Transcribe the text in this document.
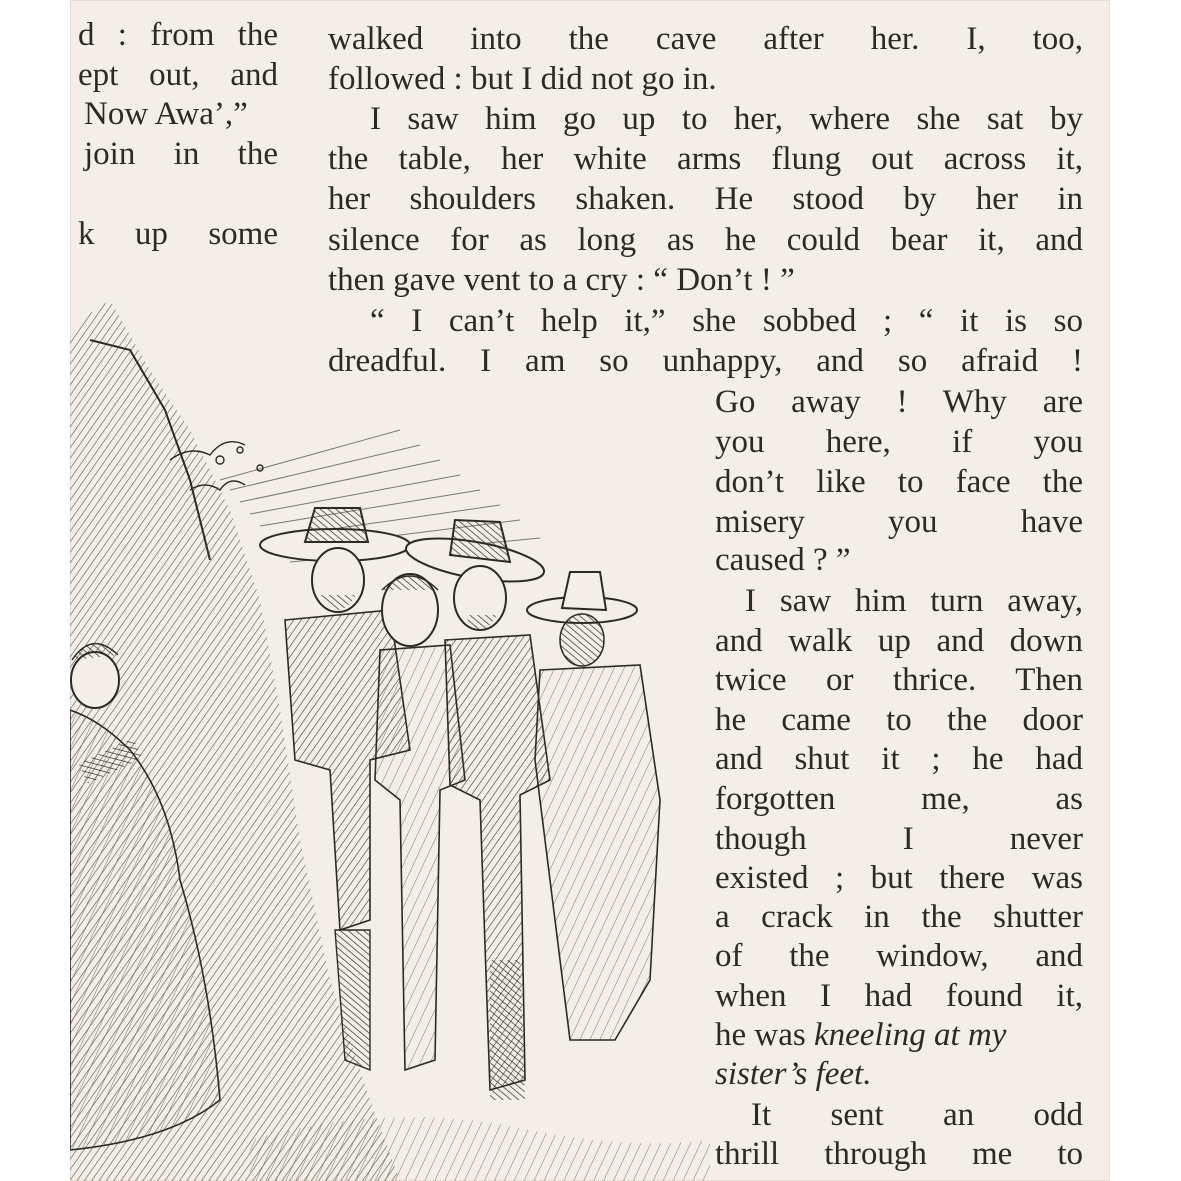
d : from the

ept out, and

Now Awa’,”

join in the

k up some

walked into the cave after her. I, too,

followed : but I did not go in.

I saw him go up to her, where she sat by

the table, her white arms flung out across it,

her shoulders shaken. He stood by her in

silence for as long as he could bear it, and

then gave vent to a cry : “ Don’t ! ”

“ I can’t help it,” she sobbed ; “ it is so

dreadful. I am so unhappy, and so afraid !

Go away ! Why are

you here, if you

don’t like to face the

misery you have

caused ? ”

I saw him turn away,

and walk up and down

twice or thrice. Then

he came to the door

and shut it ; he had

forgotten me, as

though I never

existed ; but there was

a crack in the shutter

of the window, and

when I had found it,

he was kneeling at my

sister’s feet.

It sent an odd

thrill through me to
